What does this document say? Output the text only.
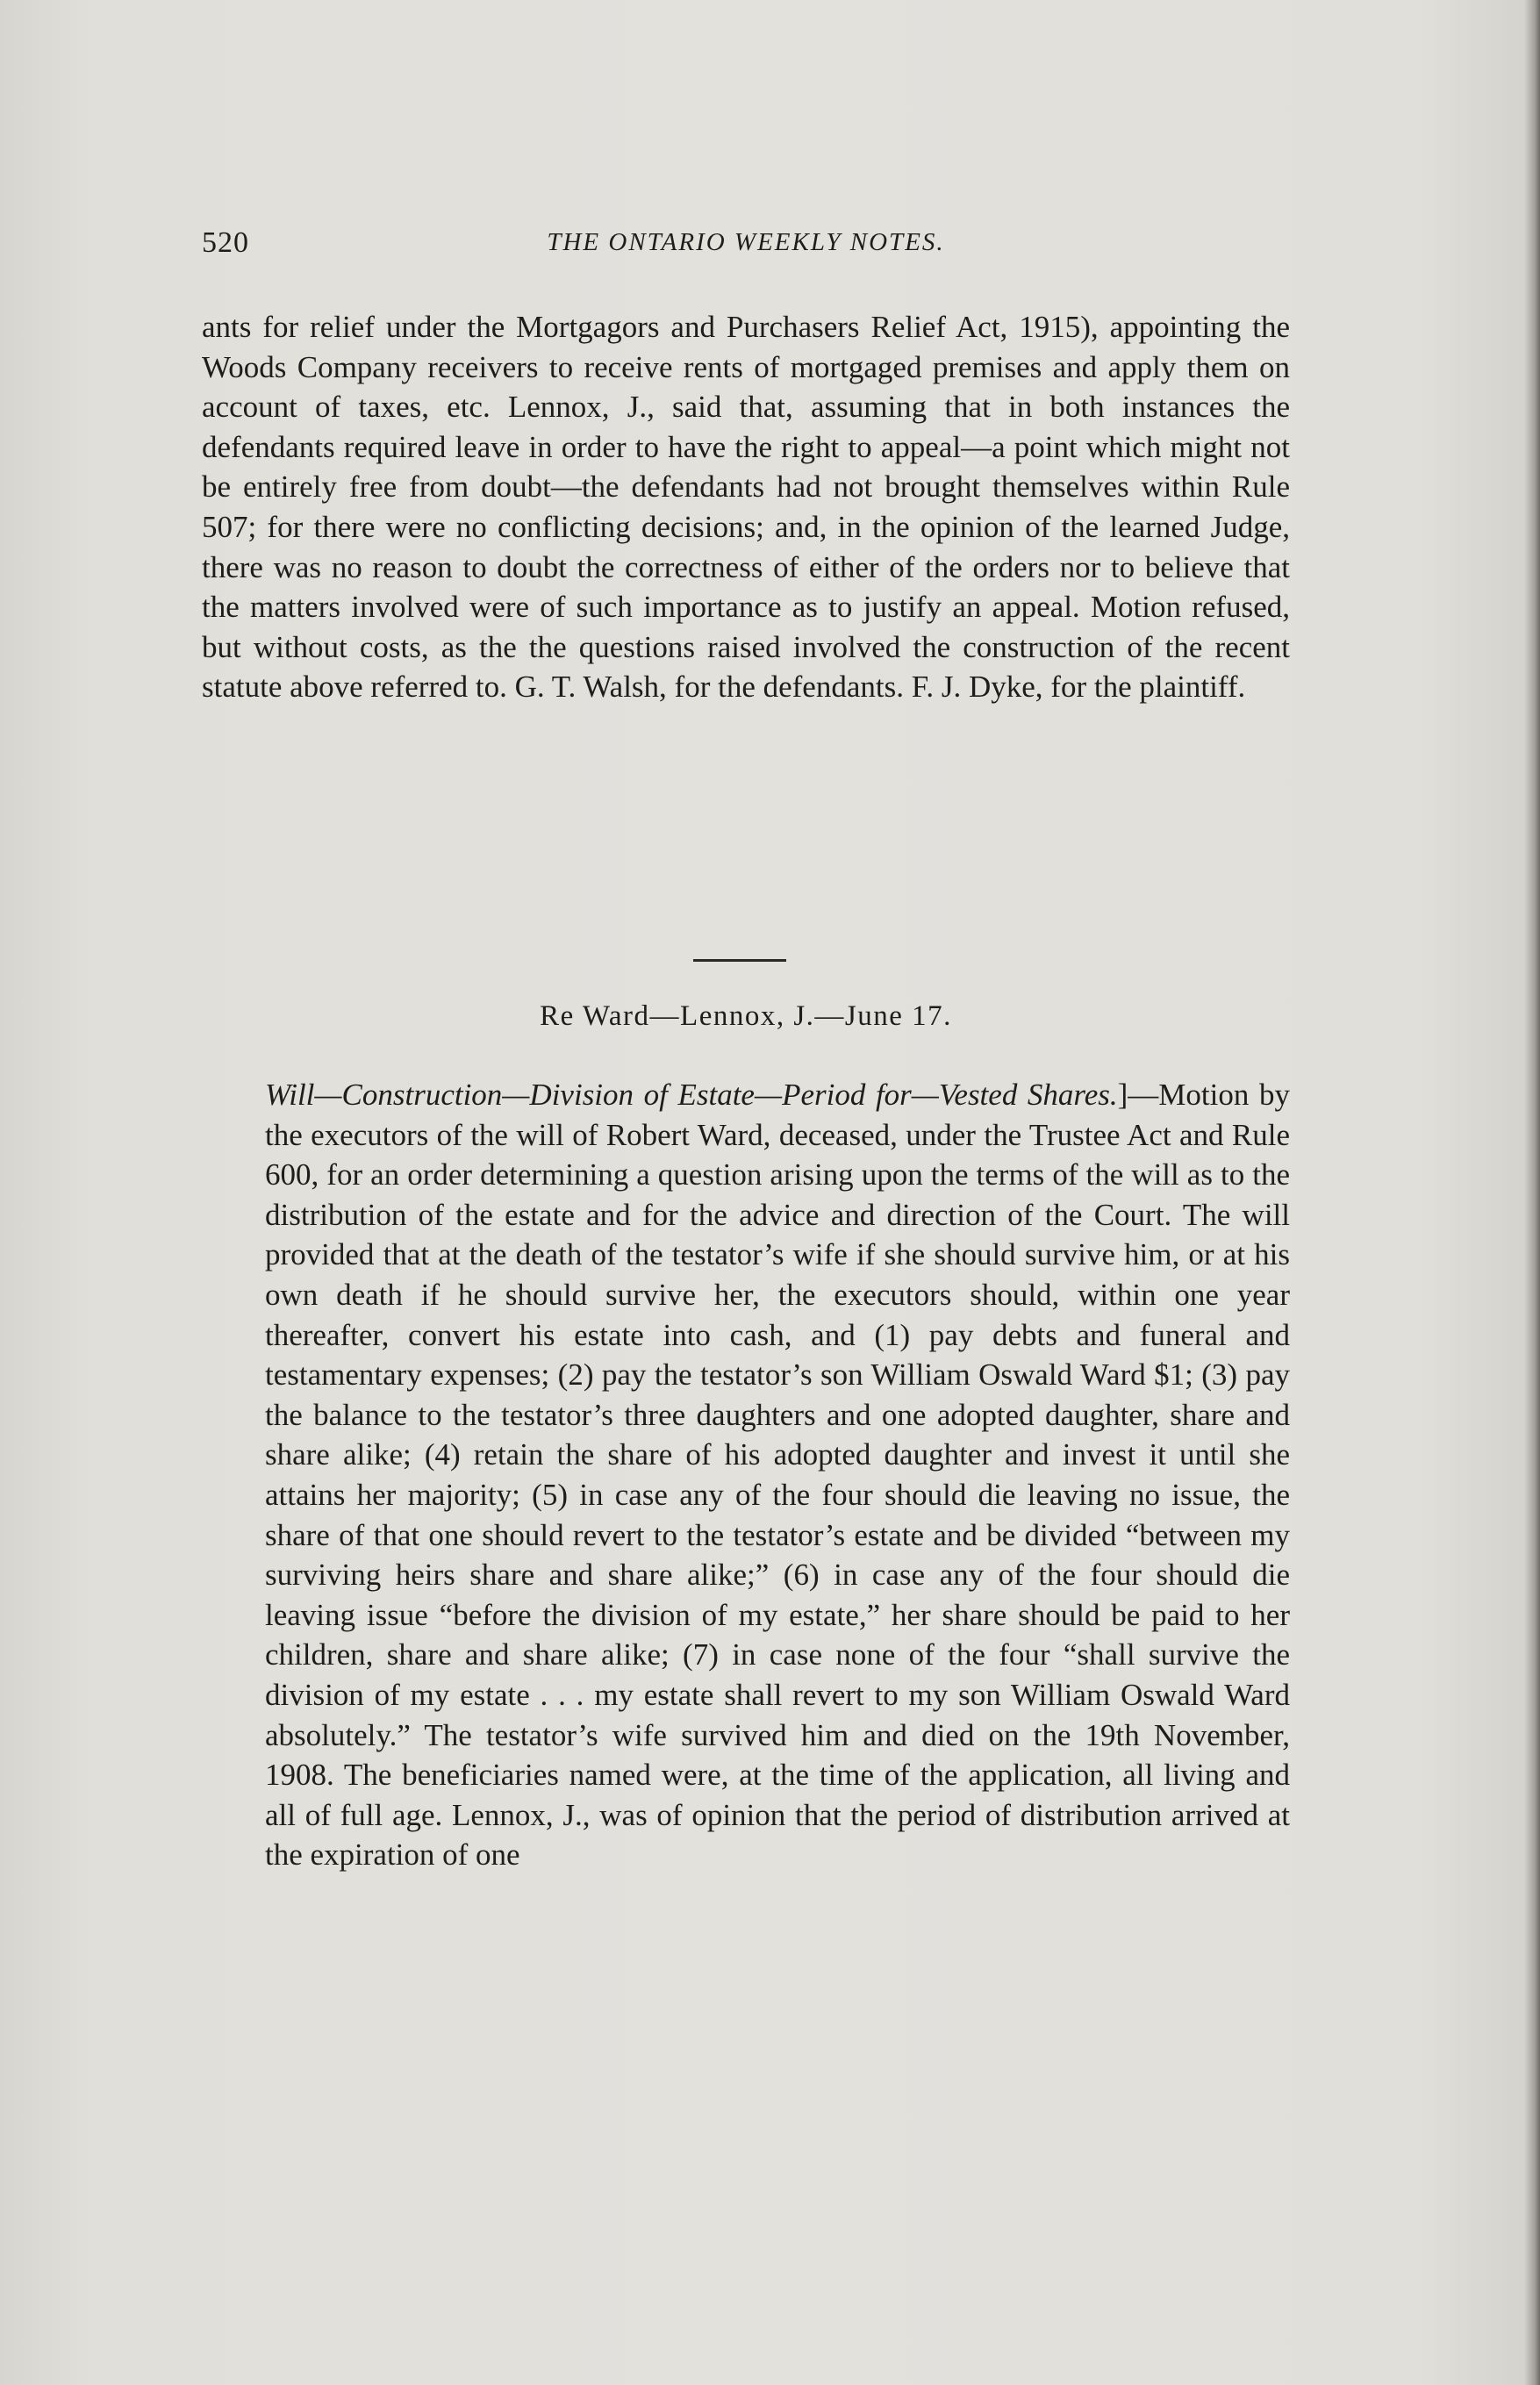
520	THE ONTARIO WEEKLY NOTES.

ants for relief under the Mortgagors and Purchasers Relief Act, 1915), appointing the Woods Company receivers to receive rents of mortgaged premises and apply them on account of taxes, etc. Lennox, J., said that, assuming that in both instances the defendants required leave in order to have the right to appeal—a point which might not be entirely free from doubt—the defendants had not brought themselves within Rule 507; for there were no conflicting decisions; and, in the opinion of the learned Judge, there was no reason to doubt the correctness of either of the orders nor to believe that the matters involved were of such importance as to justify an appeal. Motion refused, but without costs, as the the questions raised involved the construction of the recent statute above referred to. G. T. Walsh, for the defendants. F. J. Dyke, for the plaintiff.

Re Ward—Lennox, J.—June 17.

Will—Construction—Division of Estate—Period for—Vested Shares.]—Motion by the executors of the will of Robert Ward, deceased, under the Trustee Act and Rule 600, for an order determining a question arising upon the terms of the will as to the distribution of the estate and for the advice and direction of the Court. The will provided that at the death of the testator’s wife if she should survive him, or at his own death if he should survive her, the executors should, within one year thereafter, convert his estate into cash, and (1) pay debts and funeral and testamentary expenses; (2) pay the testator’s son William Oswald Ward $1; (3) pay the balance to the testator’s three daughters and one adopted daughter, share and share alike; (4) retain the share of his adopted daughter and invest it until she attains her majority; (5) in case any of the four should die leaving no issue, the share of that one should revert to the testator’s estate and be divided “between my surviving heirs share and share alike;” (6) in case any of the four should die leaving issue “before the division of my estate,” her share should be paid to her children, share and share alike; (7) in case none of the four “shall survive the division of my estate . . . my estate shall revert to my son William Oswald Ward absolutely.” The testator’s wife survived him and died on the 19th November, 1908. The beneficiaries named were, at the time of the application, all living and all of full age. Lennox, J., was of opinion that the period of distribution arrived at the expiration of one
